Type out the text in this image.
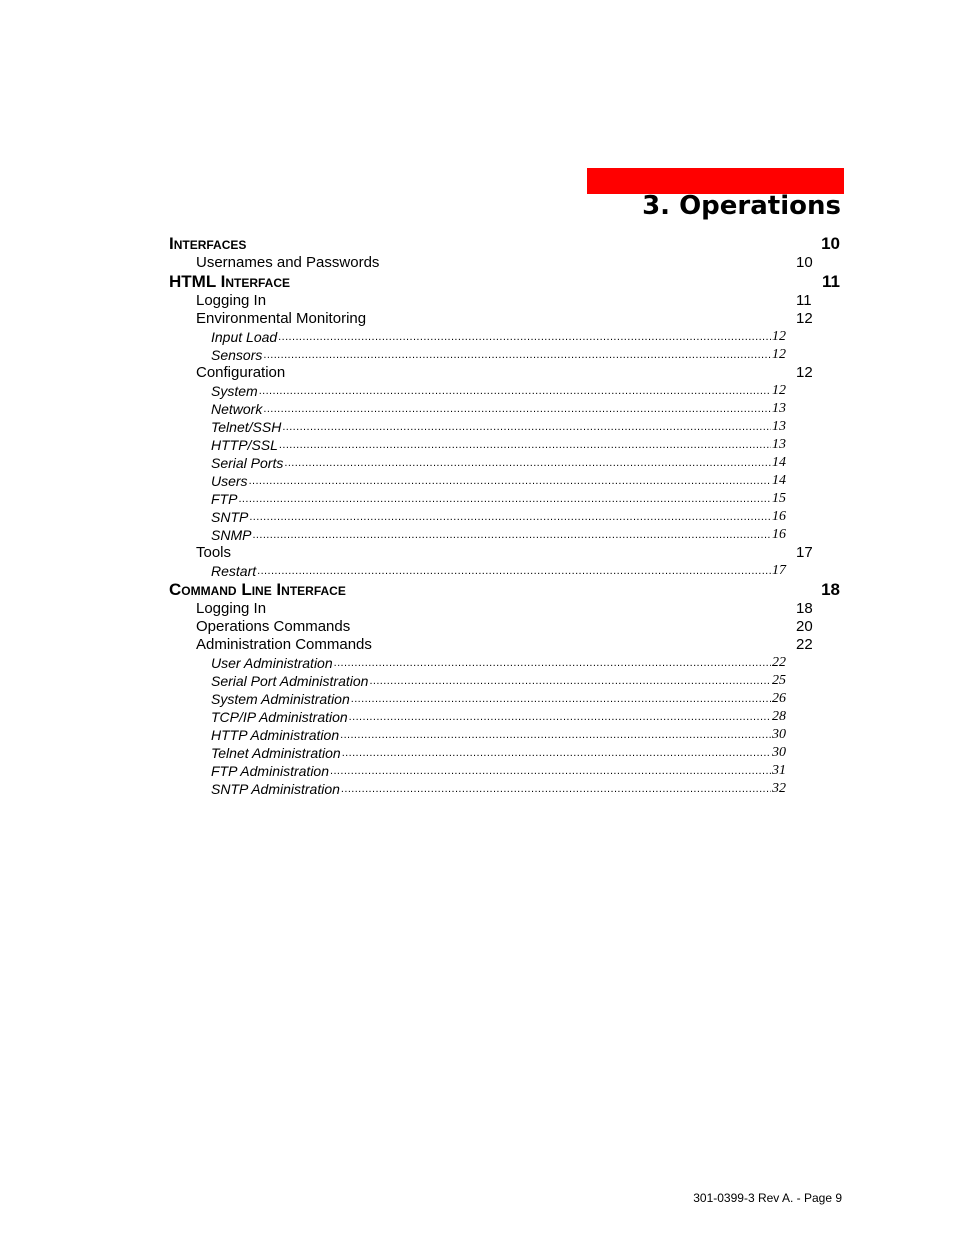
3. Operations
Interfaces	10
Usernames and Passwords	10
HTML Interface	11
Logging In	11
Environmental Monitoring	12
Input Load .....	12
Sensors .....	12
Configuration	12
System .....	12
Network .....	13
Telnet/SSH .....	13
HTTP/SSL .....	13
Serial Ports .....	14
Users .....	14
FTP .....	15
SNTP .....	16
SNMP .....	16
Tools	17
Restart .....	17
Command Line Interface	18
Logging In	18
Operations Commands	20
Administration Commands	22
User Administration .....	22
Serial Port Administration .....	25
System Administration .....	26
TCP/IP Administration .....	28
HTTP Administration .....	30
Telnet Administration .....	30
FTP Administration .....	31
SNTP Administration .....	32
301-0399-3 Rev A. - Page 9
